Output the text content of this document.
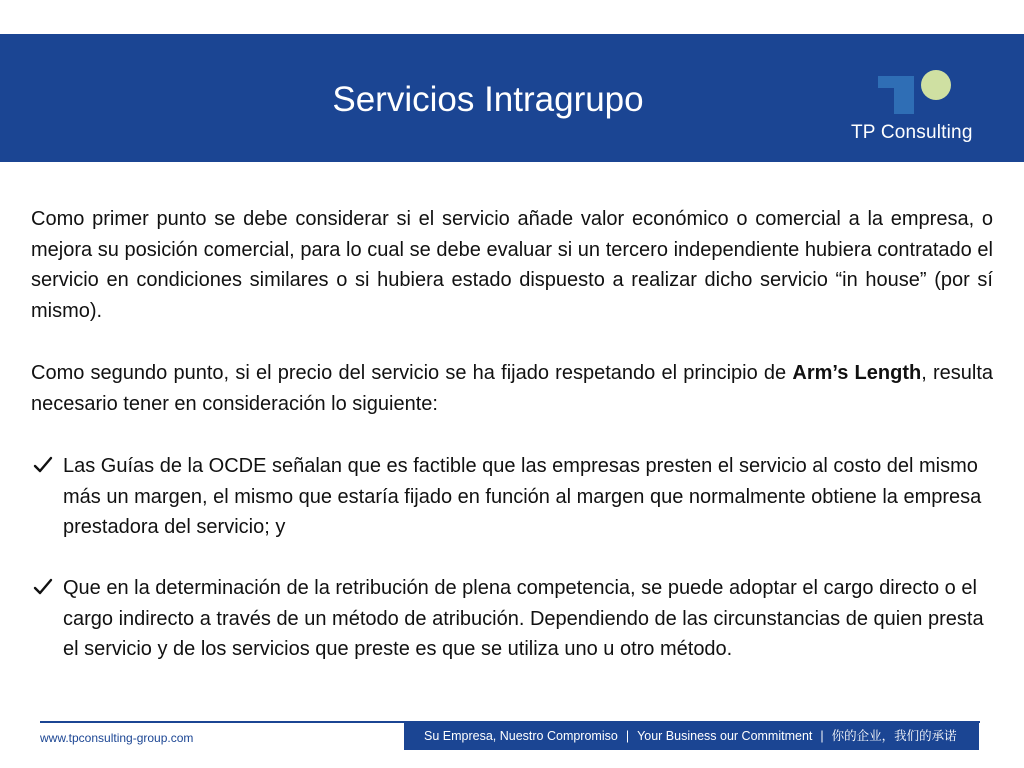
Servicios Intragrupo
TP Consulting

Como primer punto se debe considerar si el servicio añade valor económico o comercial a la empresa, o mejora su posición comercial, para lo cual se debe evaluar si un tercero independiente hubiera contratado el servicio en condiciones similares o si hubiera estado dispuesto a realizar dicho servicio “in house” (por sí mismo).

Como segundo punto, si el precio del servicio se ha fijado respetando el principio de Arm’s Length, resulta necesario tener en consideración lo siguiente:

Las Guías de la OCDE señalan que es factible que las empresas presten el servicio al costo del mismo más un margen, el mismo que estaría fijado en función al margen que normalmente obtiene la empresa prestadora del servicio; y
Que en la determinación de la retribución de plena competencia, se puede adoptar el cargo directo o el cargo indirecto a través de un método de atribución. Dependiendo de las circunstancias de quien presta el servicio y de los servicios que preste es que se utiliza uno u otro método.
www.tpconsulting-group.com	Su Empresa, Nuestro Compromiso | Your Business our Commitment | 你的企业，我们的承诺
